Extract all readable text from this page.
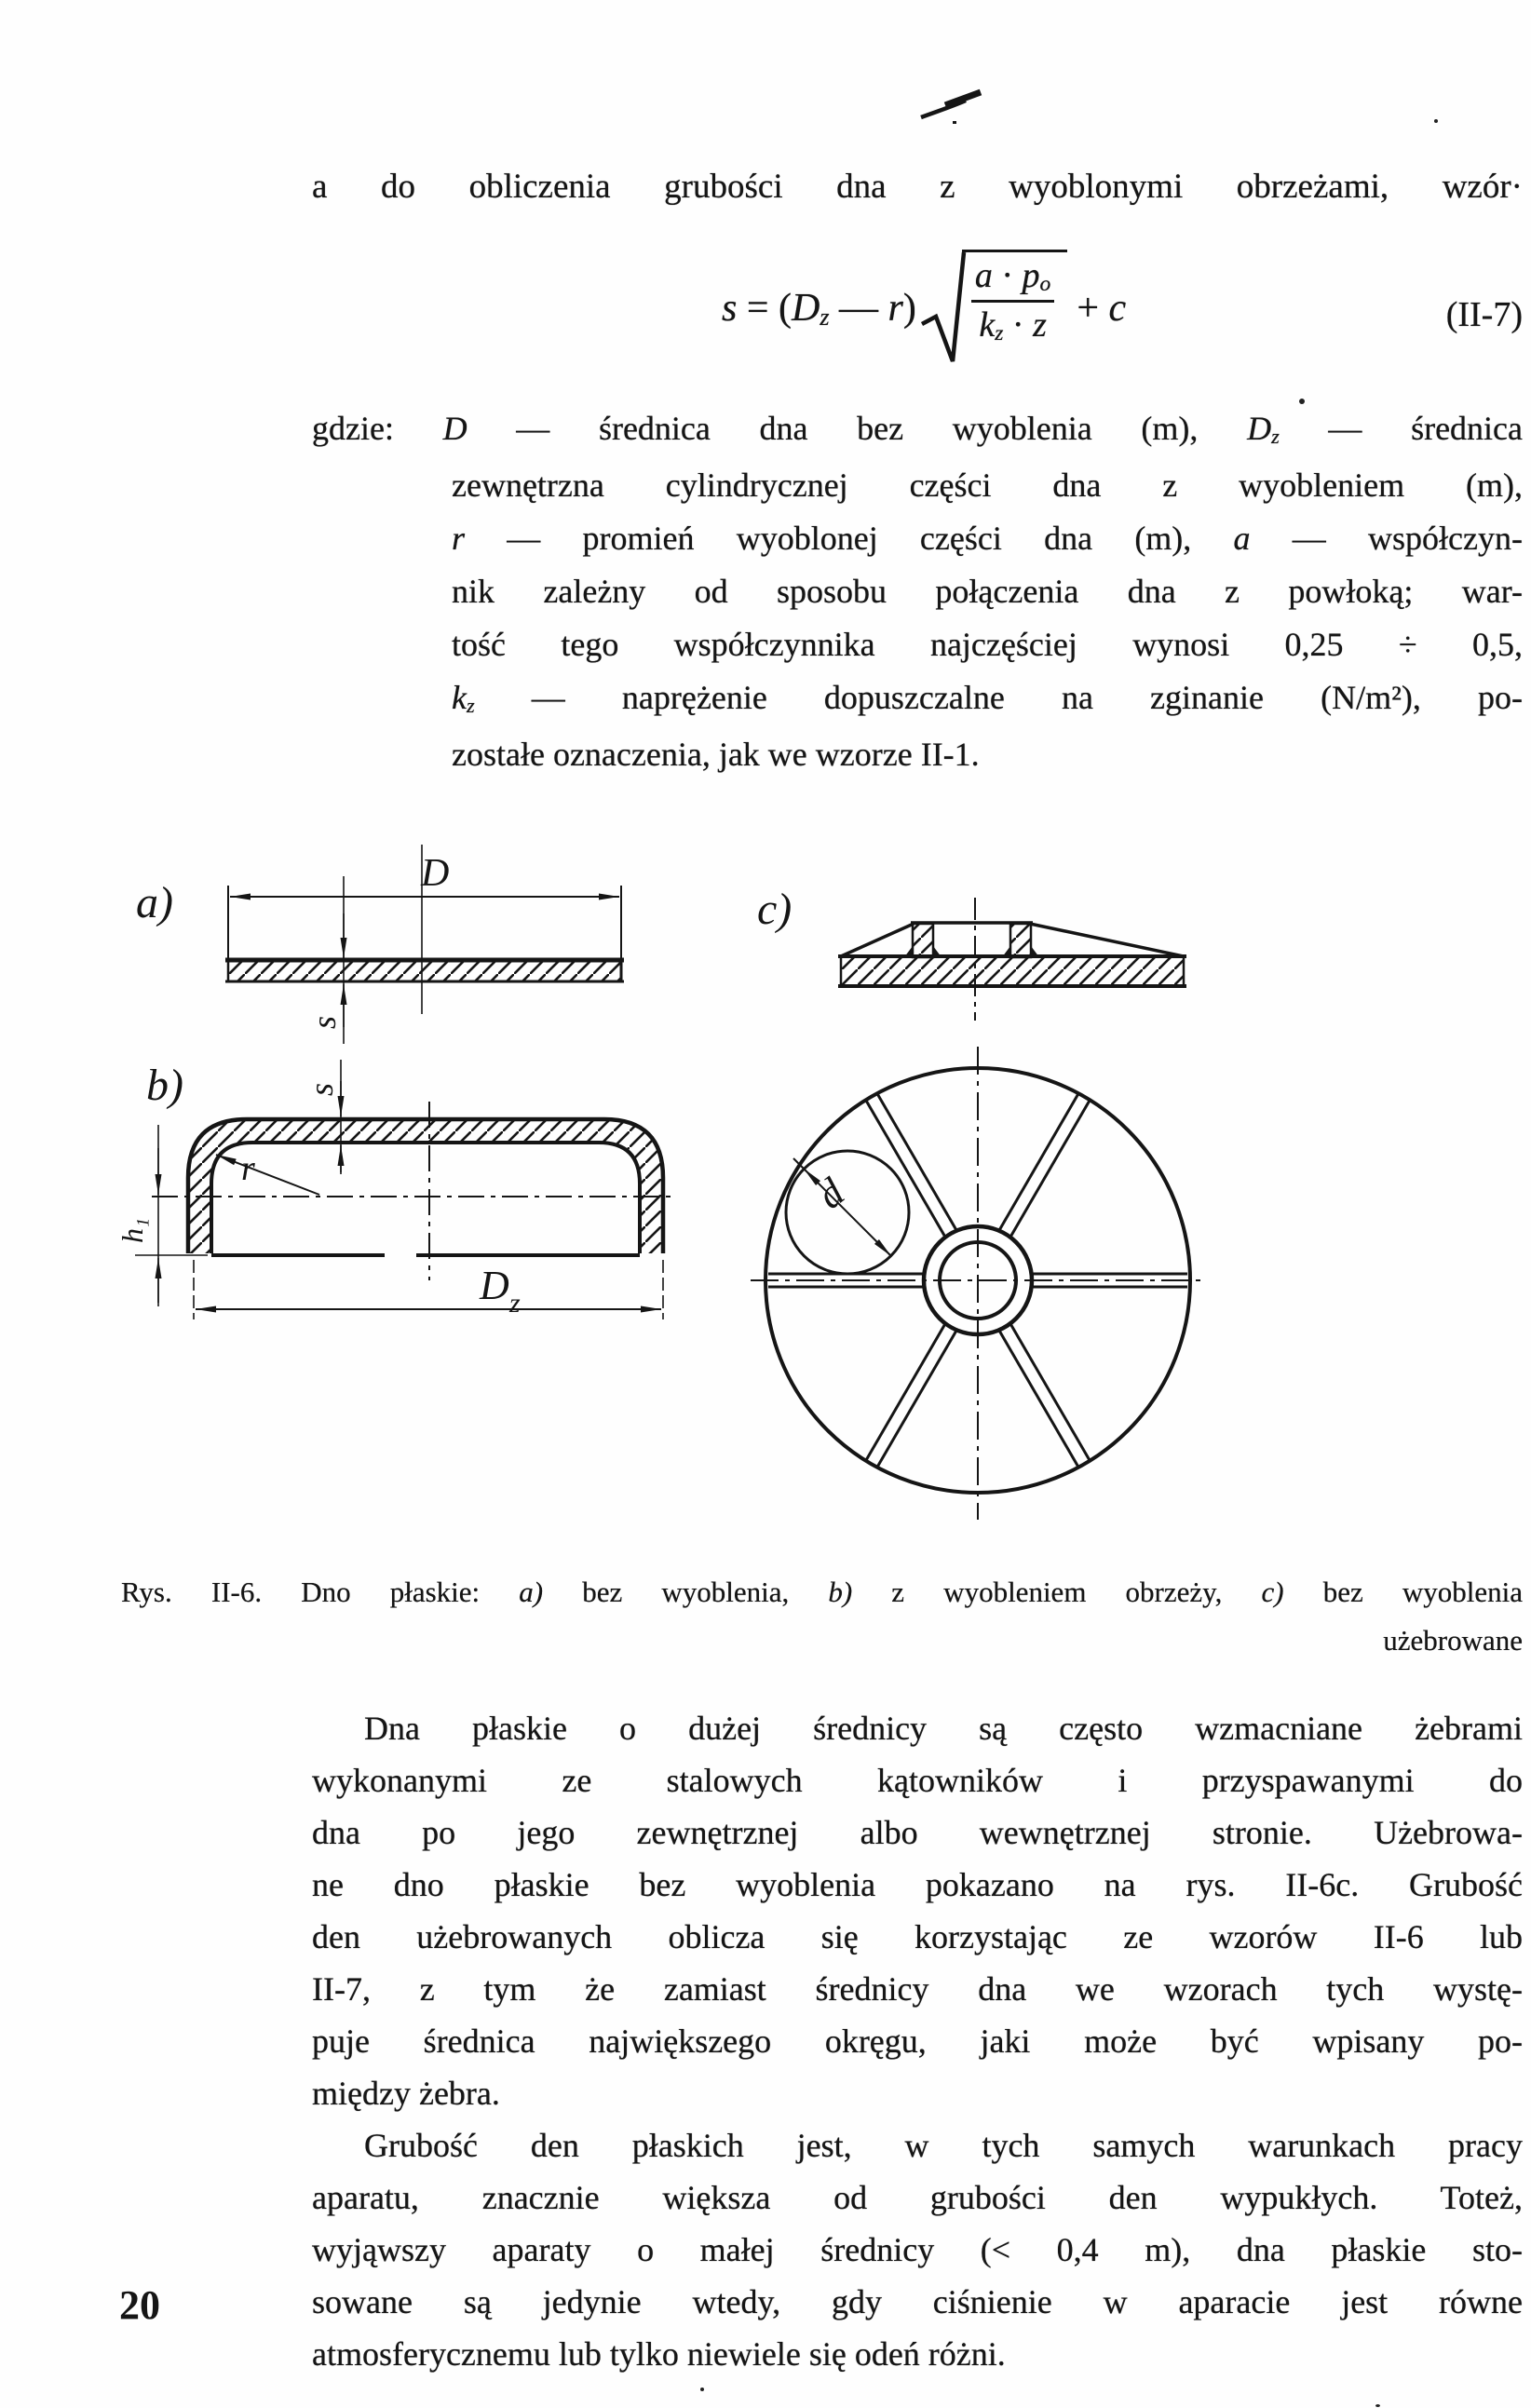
a do obliczenia grubości dna z wyoblonymi obrzeżami, wzór·
s = (Dz — $r) \frac{a \cdot po}{kz \cdot z} + c$	(II-7)
gdzie: D — średnica dna bez wyoblenia (m), Dz — średnica
zewnętrzna cylindrycznej części dna z wyobleniem (m),
r — promień wyoblonej części dna (m), a — współczyn-
nik zależny od sposobu połączenia dna z powłoką; war-
tość tego współczynnika najczęściej wynosi 0,25 ÷ 0,5,
kz — naprężenie dopuszczalne na zginanie (N/m²), po-
zostałe oznaczenia, jak we wzorze II-1.
a)
D
s
c)
b)	s
r
h₁
D z
d
Rys. II-6. Dno płaskie: a) bez wyoblenia, b) z wyobleniem obrzeży, c) bez wyoblenia
użebrowane
Dna płaskie o dużej średnicy są często wzmacniane żebrami
wykonanymi ze stalowych kątowników i przyspawanymi do
dna po jego zewnętrznej albo wewnętrznej stronie. Użebrowa-
ne dno płaskie bez wyoblenia pokazano na rys. II-6c. Grubość
den użebrowanych oblicza się korzystając ze wzorów II-6 lub
II-7, z tym że zamiast średnicy dna we wzorach tych wystę-
puje średnica największego okręgu, jaki może być wpisany po-
między żebra.
Grubość den płaskich jest, w tych samych warunkach pracy
aparatu, znacznie większa od grubości den wypukłych. Toteż,
wyjąwszy aparaty o małej średnicy (< 0,4 m), dna płaskie sto-
sowane są jedynie wtedy, gdy ciśnienie w aparacie jest równe
atmosferycznemu lub tylko niewiele się odeń różni.
20
